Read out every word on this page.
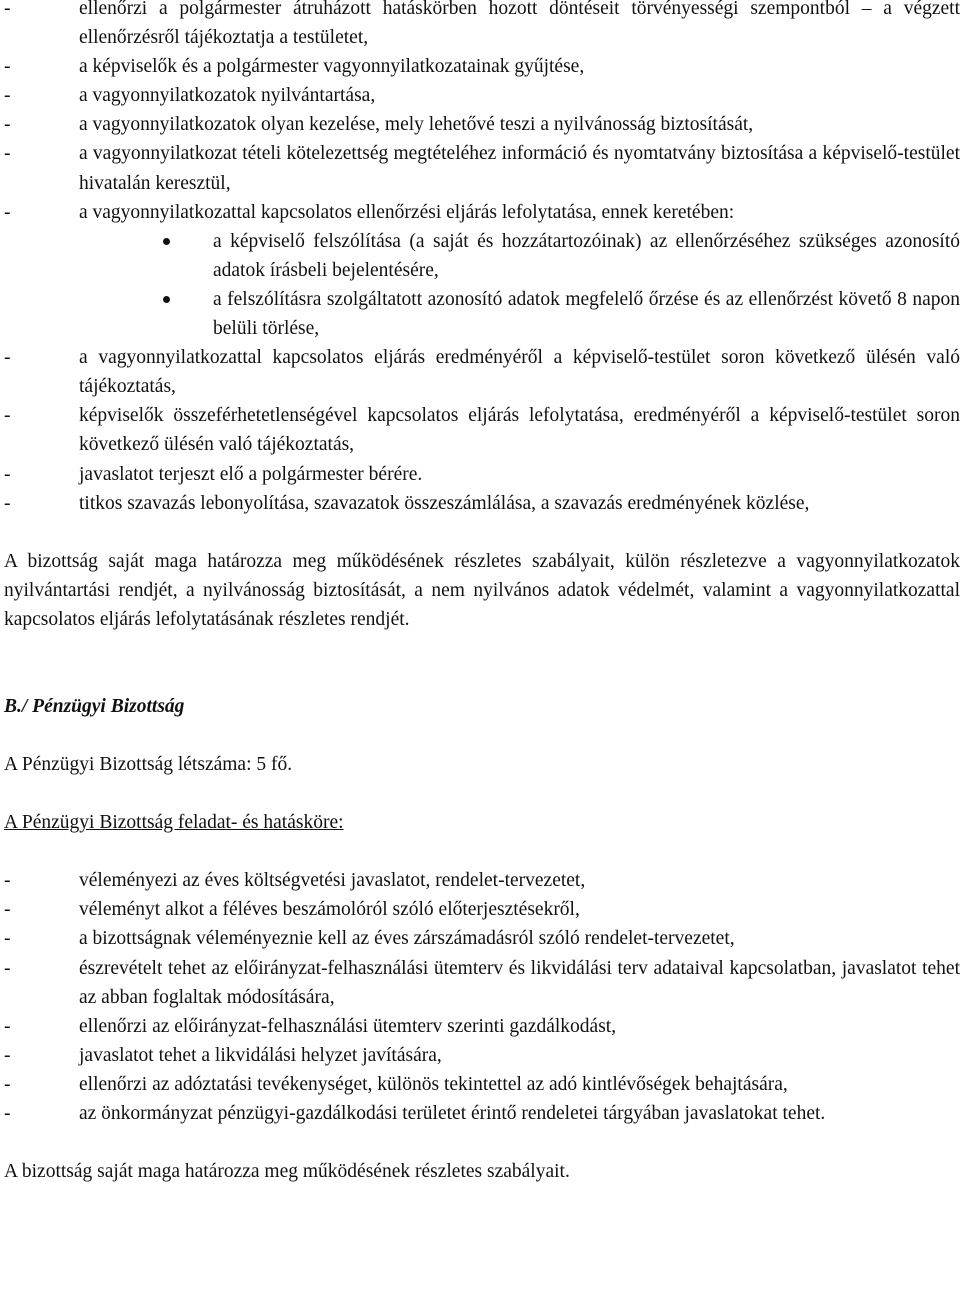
-	ellenőrzi a polgármester átruházott hatáskörben hozott döntéseit törvényességi szempontból – a végzett ellenőrzésről tájékoztatja a testületet,
-	a képviselők és a polgármester vagyonnyilatkozatainak gyűjtése,
-	a vagyonnyilatkozatok nyilvántartása,
-	a vagyonnyilatkozatok olyan kezelése, mely lehetővé teszi a nyilvánosság biztosítását,
-	a vagyonnyilatkozat tételi kötelezettség megtételéhez információ és nyomtatvány biztosítása a képviselő-testület hivatalán keresztül,
-	a vagyonnyilatkozattal kapcsolatos ellenőrzési eljárás lefolytatása, ennek keretében:
a képviselő felszólítása (a saját és hozzátartozóinak) az ellenőrzéséhez szükséges azonosító adatok írásbeli bejelentésére,
a felszólításra szolgáltatott azonosító adatok megfelelő őrzése és az ellenőrzést követő 8 napon belüli törlése,
-	a vagyonnyilatkozattal kapcsolatos eljárás eredményéről a képviselő-testület soron következő ülésén való tájékoztatás,
-	képviselők összeférhetetlenségével kapcsolatos eljárás lefolytatása, eredményéről a képviselő-testület soron következő ülésén való tájékoztatás,
-	javaslatot terjeszt elő a polgármester bérére.
-	titkos szavazás lebonyolítása, szavazatok összeszámlálása, a szavazás eredményének közlése,
A bizottság saját maga határozza meg működésének részletes szabályait, külön részletezve a vagyonnyilatkozatok nyilvántartási rendjét, a nyilvánosság biztosítását, a nem nyilvános adatok védelmét, valamint a vagyonnyilatkozattal kapcsolatos eljárás lefolytatásának részletes rendjét.
B./ Pénzügyi Bizottság
A Pénzügyi Bizottság létszáma: 5 fő.
A Pénzügyi Bizottság feladat- és hatásköre:
-	véleményezi az éves költségvetési javaslatot, rendelet-tervezetet,
-	véleményt alkot a féléves beszámolóról szóló előterjesztésekről,
-	a bizottságnak véleményeznie kell az éves zárszámadásról szóló rendelet-tervezetet,
-	észrevételt tehet az előirányzat-felhasználási ütemterv és likvidálási terv adataival kapcsolatban, javaslatot tehet az abban foglaltak módosítására,
-	ellenőrzi az előirányzat-felhasználási ütemterv szerinti gazdálkodást,
-	javaslatot tehet a likvidálási helyzet javítására,
-	ellenőrzi az adóztatási tevékenységet, különös tekintettel az adó kintlévőségek behajtására,
-	az önkormányzat pénzügyi-gazdálkodási területet érintő rendeletei tárgyában javaslatokat tehet.
A bizottság saját maga határozza meg működésének részletes szabályait.
